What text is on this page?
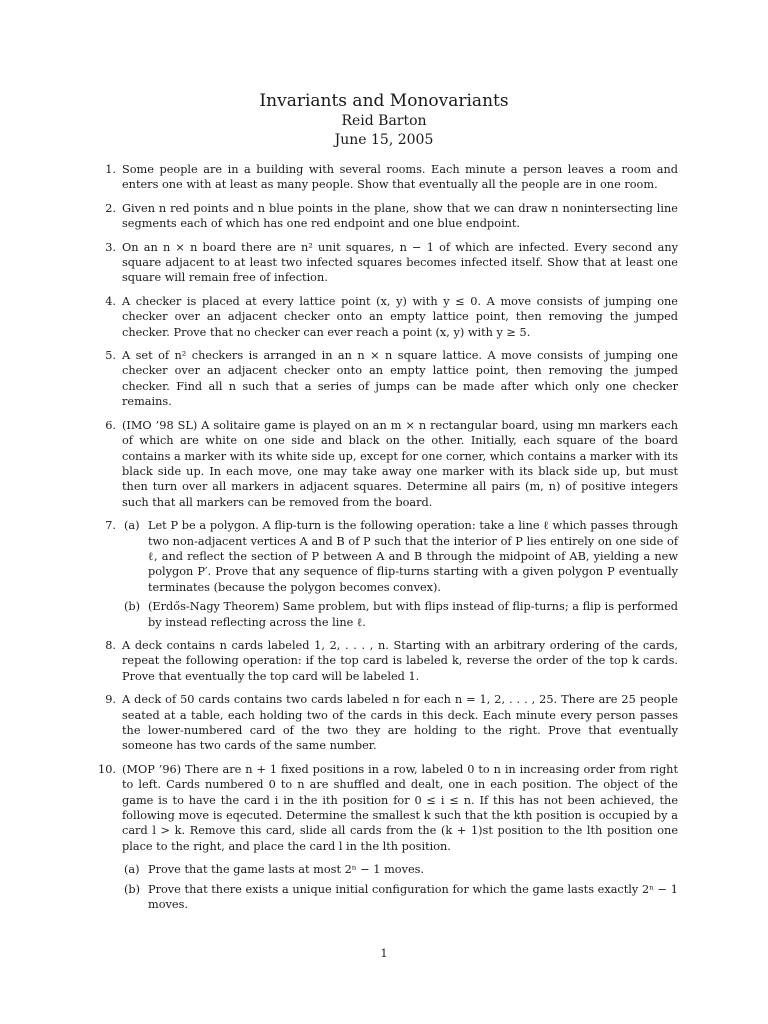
Invariants and Monovariants
Reid Barton
June 15, 2005
1. Some people are in a building with several rooms. Each minute a person leaves a room and enters one with at least as many people. Show that eventually all the people are in one room.
2. Given n red points and n blue points in the plane, show that we can draw n nonintersecting line segments each of which has one red endpoint and one blue endpoint.
3. On an n × n board there are n² unit squares, n − 1 of which are infected. Every second any square adjacent to at least two infected squares becomes infected itself. Show that at least one square will remain free of infection.
4. A checker is placed at every lattice point (x, y) with y ≤ 0. A move consists of jumping one checker over an adjacent checker onto an empty lattice point, then removing the jumped checker. Prove that no checker can ever reach a point (x, y) with y ≥ 5.
5. A set of n² checkers is arranged in an n × n square lattice. A move consists of jumping one checker over an adjacent checker onto an empty lattice point, then removing the jumped checker. Find all n such that a series of jumps can be made after which only one checker remains.
6. (IMO ’98 SL) A solitaire game is played on an m × n rectangular board, using mn markers each of which are white on one side and black on the other. Initially, each square of the board contains a marker with its white side up, except for one corner, which contains a marker with its black side up. In each move, one may take away one marker with its black side up, but must then turn over all markers in adjacent squares. Determine all pairs (m, n) of positive integers such that all markers can be removed from the board.
7. (a) Let P be a polygon. A flip-turn is the following operation: take a line ℓ which passes through two non-adjacent vertices A and B of P such that the interior of P lies entirely on one side of ℓ, and reflect the section of P between A and B through the midpoint of AB, yielding a new polygon P′. Prove that any sequence of flip-turns starting with a given polygon P eventually terminates (because the polygon becomes convex).
(b) (Erdős-Nagy Theorem) Same problem, but with flips instead of flip-turns; a flip is performed by instead reflecting across the line ℓ.
8. A deck contains n cards labeled 1, 2, . . . , n. Starting with an arbitrary ordering of the cards, repeat the following operation: if the top card is labeled k, reverse the order of the top k cards. Prove that eventually the top card will be labeled 1.
9. A deck of 50 cards contains two cards labeled n for each n = 1, 2, . . . , 25. There are 25 people seated at a table, each holding two of the cards in this deck. Each minute every person passes the lower-numbered card of the two they are holding to the right. Prove that eventually someone has two cards of the same number.
10. (MOP ’96) There are n + 1 fixed positions in a row, labeled 0 to n in increasing order from right to left. Cards numbered 0 to n are shuffled and dealt, one in each position. The object of the game is to have the card i in the ith position for 0 ≤ i ≤ n. If this has not been achieved, the following move is eqecuted. Determine the smallest k such that the kth position is occupied by a card l > k. Remove this card, slide all cards from the (k + 1)st position to the lth position one place to the right, and place the card l in the lth position.
(a) Prove that the game lasts at most 2ⁿ − 1 moves.
(b) Prove that there exists a unique initial configuration for which the game lasts exactly 2ⁿ − 1 moves.
1
